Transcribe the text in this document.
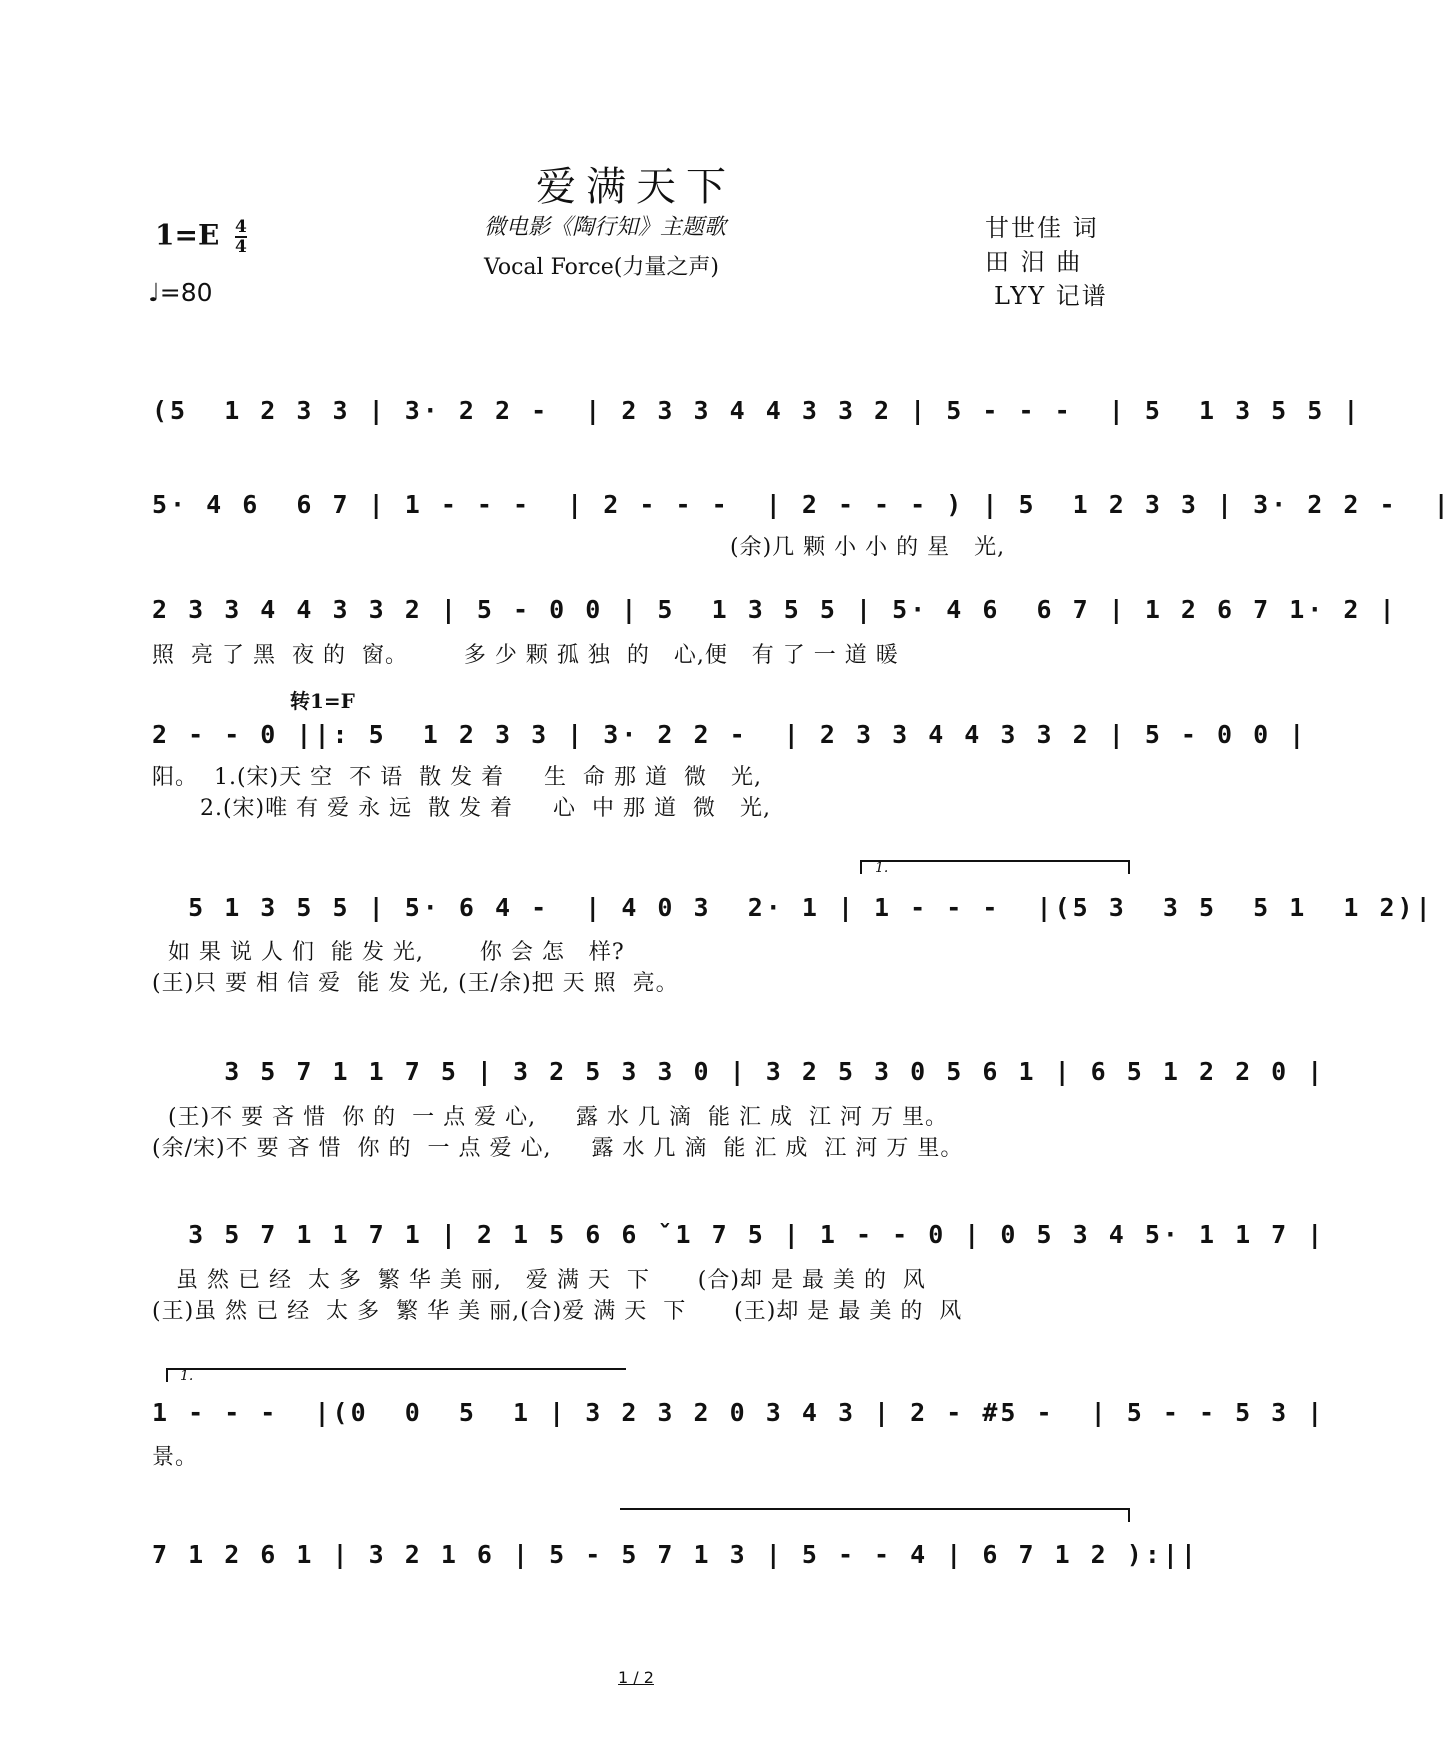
爱满天下
$1=E \frac{4}{4}$
♩=80
微电影《陶行知》主题歌
Vocal Force(力量之声)
甘世佳 词
田 汨 曲
LYY 记谱
(5  1 2 3 3 | 3· 2 2 -  | 2 3 3 4 4 3 3 2 | 5 - - -  | 5  1 3 5 5 |
5· 4 6  6 7 | 1 - - -  | 2 - - -  | 2 - - - ) | 5  1 2 3 3 | 3· 2 2 -  |
(余)几 颗 小 小 的 星   光,
2 3 3 4 4 3 3 2 | 5 - 0 0 | 5  1 3 5 5 | 5· 4 6  6 7 | 1 2 6 7 1· 2 |
照  亮 了 黑  夜 的  窗。       多 少 颗 孤 独  的   心,便   有 了 一 道 暖
转1=F
2 - - 0 ||: 5  1 2 3 3 | 3· 2 2 -  | 2 3 3 4 4 3 3 2 | 5 - 0 0 |
阳。  1.(宋)天 空  不 语  散 发 着     生  命 那 道  微   光,
2.(宋)唯 有 爱 永 远  散 发 着     心  中 那 道  微   光,
1.
5 1 3 5 5 | 5· 6 4 -  | 4 0 3  2· 1 | 1 - - -  |(5 3  3 5  5 1  1 2)|
如 果 说 人 们  能 发 光,       你 会 怎   样?
(王)只 要 相 信 爱  能 发 光, (王/余)把 天 照  亮。
3 5 7 1 1 7 5 | 3 2 5 3 3 0 | 3 2 5 3 0 5 6 1 | 6 5 1 2 2 0 |
(王)不 要 吝 惜  你 的  一 点 爱 心,     露 水 几 滴  能 汇 成  江 河 万 里。
(余/宋)不 要 吝 惜  你 的  一 点 爱 心,     露 水 几 滴  能 汇 成  江 河 万 里。
3 5 7 1 1 7 1 | 2 1 5 6 6 ˇ1 7 5 | 1 - - 0 | 0 5 3 4 5· 1 1 7 |
虽 然 已 经  太 多  繁 华 美 丽,   爱 满 天  下      (合)却 是 最 美 的  风
(王)虽 然 已 经  太 多  繁 华 美 丽,(合)爱 满 天  下      (王)却 是 最 美 的  风
1.
1 - - -  |(0  0  5  1 | 3 2 3 2 0 3 4 3 | 2 - #5 -  | 5 - - 5 3 |
景。
7 1 2 6 1 | 3 2 1 6 | 5 - 5 7 1 3 | 5 - - 4 | 6 7 1 2 ):||
1 / 2
